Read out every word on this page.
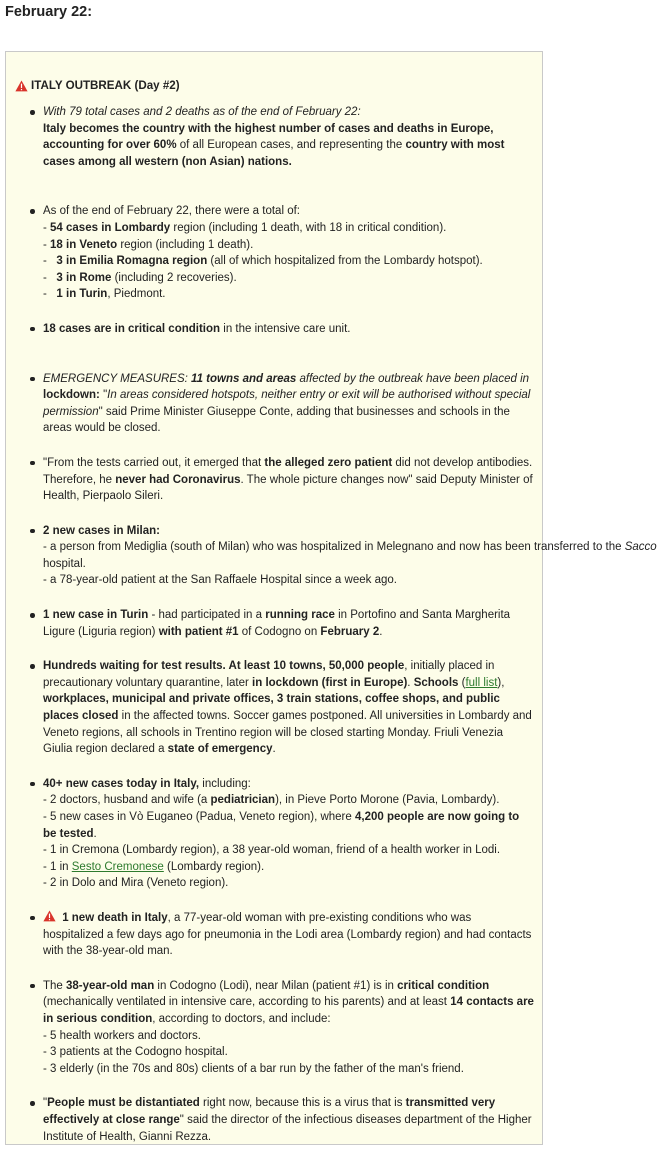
February 22:

ITALY OUTBREAK (Day #2)

With 79 total cases and 2 deaths as of the end of February 22:
Italy becomes the country with the highest number of cases and deaths in Europe, accounting for over 60% of all European cases, and representing the country with most cases among all western (non Asian) nations.
As of the end of February 22, there were a total of:
- 54 cases in Lombardy region (including 1 death, with 18 in critical condition).
- 18 in Veneto region (including 1 death).
-   3 in Emilia Romagna region (all of which hospitalized from the Lombardy hotspot).
-   3 in Rome (including 2 recoveries).
-   1 in Turin, Piedmont.
18 cases are in critical condition in the intensive care unit.
EMERGENCY MEASURES: 11 towns and areas affected by the outbreak have been placed in lockdown: "In areas considered hotspots, neither entry or exit will be authorised without special permission" said Prime Minister Giuseppe Conte, adding that businesses and schools in the areas would be closed.
"From the tests carried out, it emerged that the alleged zero patient did not develop antibodies. Therefore, he never had Coronavirus. The whole picture changes now" said Deputy Minister of Health, Pierpaolo Sileri.
2 new cases in Milan:
- a person from Mediglia (south of Milan) who was hospitalized in Melegnano and now has been transferred to the Sacco hospital.
- a 78-year-old patient at the San Raffaele Hospital since a week ago.
1 new case in Turin - had participated in a running race in Portofino and Santa Margherita Ligure (Liguria region) with patient #1 of Codogno on February 2.
Hundreds waiting for test results. At least 10 towns, 50,000 people, initially placed in precautionary voluntary quarantine, later in lockdown (first in Europe). Schools (full list), workplaces, municipal and private offices, 3 train stations, coffee shops, and public places closed in the affected towns. Soccer games postponed. All universities in Lombardy and Veneto regions, all schools in Trentino region will be closed starting Monday. Friuli Venezia Giulia region declared a state of emergency.
40+ new cases today in Italy, including:
- 2 doctors, husband and wife (a pediatrician), in Pieve Porto Morone (Pavia, Lombardy).
- 5 new cases in Vò Euganeo (Padua, Veneto region), where 4,200 people are now going to be tested.
- 1 in Cremona (Lombardy region), a 38 year-old woman, friend of a health worker in Lodi.
- 1 in Sesto Cremonese (Lombardy region).
- 2 in Dolo and Mira (Veneto region).
1 new death in Italy, a 77-year-old woman with pre-existing conditions who was hospitalized a few days ago for pneumonia in the Lodi area (Lombardy region) and had contacts with the 38-year-old man.
The 38-year-old man in Codogno (Lodi), near Milan (patient #1) is in critical condition (mechanically ventilated in intensive care, according to his parents) and at least 14 contacts are in serious condition, according to doctors, and include:
- 5 health workers and doctors.
- 3 patients at the Codogno hospital.
- 3 elderly (in the 70s and 80s) clients of a bar run by the father of the man's friend.
"People must be distantiated right now, because this is a virus that is transmitted very effectively at close range" said the director of the infectious diseases department of the Higher Institute of Health, Gianni Rezza.
